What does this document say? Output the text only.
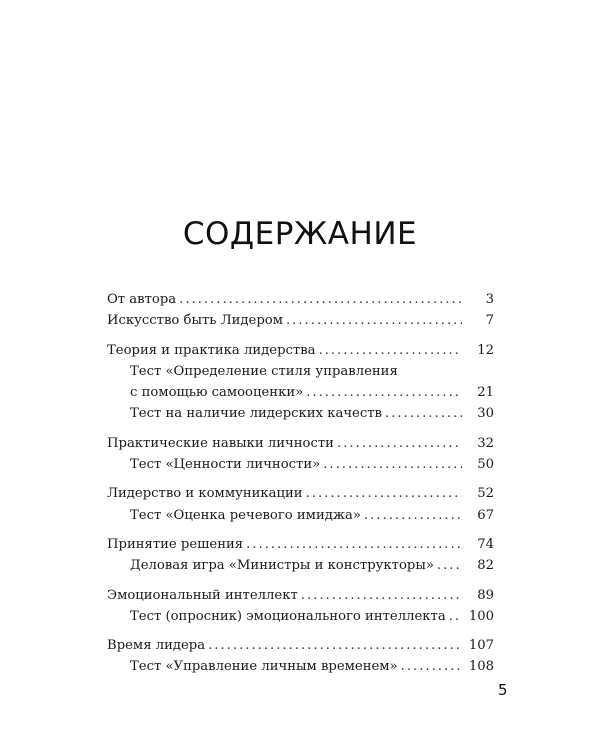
СОДЕРЖАНИЕ
От автора .....	3
Искусство быть Лидером .....	7
Теория и практика лидерства .....	12
Тест «Определение стиля управления
с помощью самооценки» .....	21
Тест на наличие лидерских качеств .....	30
Практические навыки личности .....	32
Тест «Ценности личности» .....	50
Лидерство и коммуникации .....	52
Тест «Оценка речевого имиджа» .....	67
Принятие решения .....	74
Деловая игра «Министры и конструкторы» .....	82
Эмоциональный интеллект .....	89
Тест (опросник) эмоционального интеллекта ..... 100
Время лидера .....	107
Тест «Управление личным временем» .....	108
5
